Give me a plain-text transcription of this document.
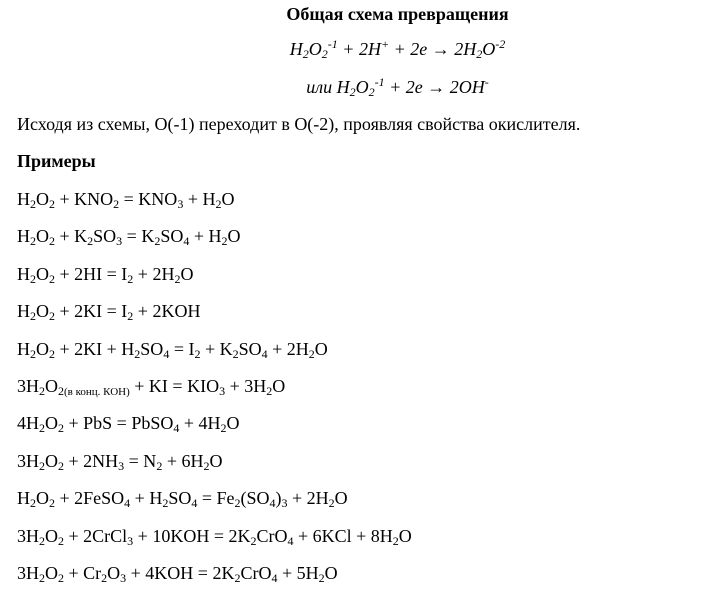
Общая схема превращения
$H_2O_2^{-1} + 2H^+ + 2e \to 2H_2O^{-2}$
или $H_2O_2^{-1} + 2e \to 2OH^-$
Исходя из схемы, O(-1) переходит в O(-2), проявляя свойства окислителя.
Примеры
$H_2O_2 + KNO_2 = KNO_3 + H_2O$
$H_2O_2 + K_2SO_3 = K_2SO_4 + H_2O$
$H_2O_2 + 2HI = I_2 + 2H_2O$
$H_2O_2 + 2KI = I_2 + 2KOH$
$H_2O_2 + 2KI + H_2SO_4 = I_2 + K_2SO_4 + 2H_2O$
$3H_2O_{2(в конц. КОН)}$ + KI = $KIO_3 + 3H_2O$
$4H_2O_2$ + PbS = PbSO$_4$ + $4H_2O$
$3H_2O_2 + 2NH_3 = N_2 + 6H_2O$
$H_2O_2$ + 2FeSO$_4$ + $H_2SO_4 = Fe_2(SO_4)_3 + 2H_2O$
$3H_2O_2$ + 2CrCl$_3$ + $10KOH = 2K_2CrO_4 + 6KCl + 8H_2O$
$3H_2O_2 + Cr_2O_3 + 4KOH = 2K_2CrO_4 + 5H_2O$
